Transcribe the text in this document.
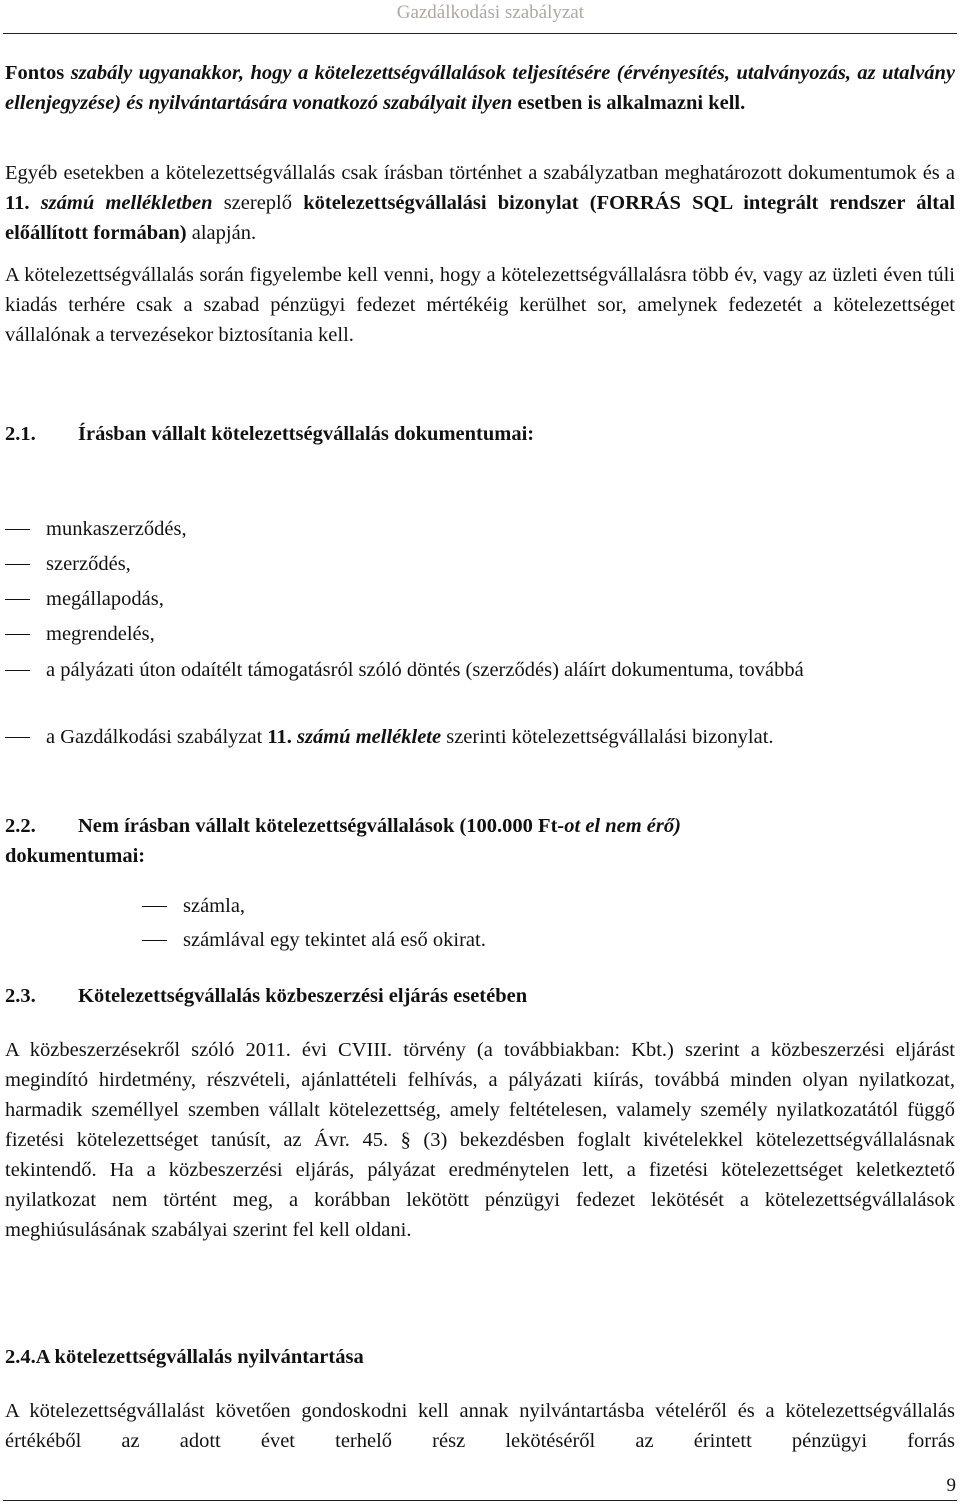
Gazdálkodási szabályzat

Fontos szabály ugyanakkor, hogy a kötelezettségvállalások teljesítésére (érvényesítés, utalványozás, az utalvány ellenjegyzése) és nyilvántartására vonatkozó szabályait ilyen esetben is alkalmazni kell.

Egyéb esetekben a kötelezettségvállalás csak írásban történhet a szabályzatban meghatározott dokumentumok és a 11. számú mellékletben szereplő kötelezettségvállalási bizonylat (FORRÁS SQL integrált rendszer által előállított formában) alapján.

A kötelezettségvállalás során figyelembe kell venni, hogy a kötelezettségvállalásra több év, vagy az üzleti éven túli kiadás terhére csak a szabad pénzügyi fedezet mértékéig kerülhet sor, amelynek fedezetét a kötelezettséget vállalónak a tervezésekor biztosítania kell.

2.1. Írásban vállalt kötelezettségvállalás dokumentumai:
munkaszerződés,
szerződés,
megállapodás,
megrendelés,
a pályázati úton odaítélt támogatásról szóló döntés (szerződés) aláírt dokumentuma, továbbá
a Gazdálkodási szabályzat 11. számú melléklete szerinti kötelezettségvállalási bizonylat.
2.2. Nem írásban vállalt kötelezettségvállalások (100.000 Ft-ot el nem érő)
dokumentumai:
számla,
számlával egy tekintet alá eső okirat.
2.3. Kötelezettségvállalás közbeszerzési eljárás esetében

A közbeszerzésekről szóló 2011. évi CVIII. törvény (a továbbiakban: Kbt.) szerint a közbeszerzési eljárást megindító hirdetmény, részvételi, ajánlattételi felhívás, a pályázati kiírás, továbbá minden olyan nyilatkozat, harmadik személlyel szemben vállalt kötelezettség, amely feltételesen, valamely személy nyilatkozatától függő fizetési kötelezettséget tanúsít, az Ávr. 45. § (3) bekezdésben foglalt kivételekkel kötelezettségvállalásnak tekintendő. Ha a közbeszerzési eljárás, pályázat eredménytelen lett, a fizetési kötelezettséget keletkeztető nyilatkozat nem történt meg, a korábban lekötött pénzügyi fedezet lekötését a kötelezettségvállalások meghiúsulásának szabályai szerint fel kell oldani.

2.4.A kötelezettségvállalás nyilvántartása

A kötelezettségvállalást követően gondoskodni kell annak nyilvántartásba vételéről és a kötelezettségvállalás értékéből az adott évet terhelő rész lekötéséről az érintett pénzügyi forrás

9
